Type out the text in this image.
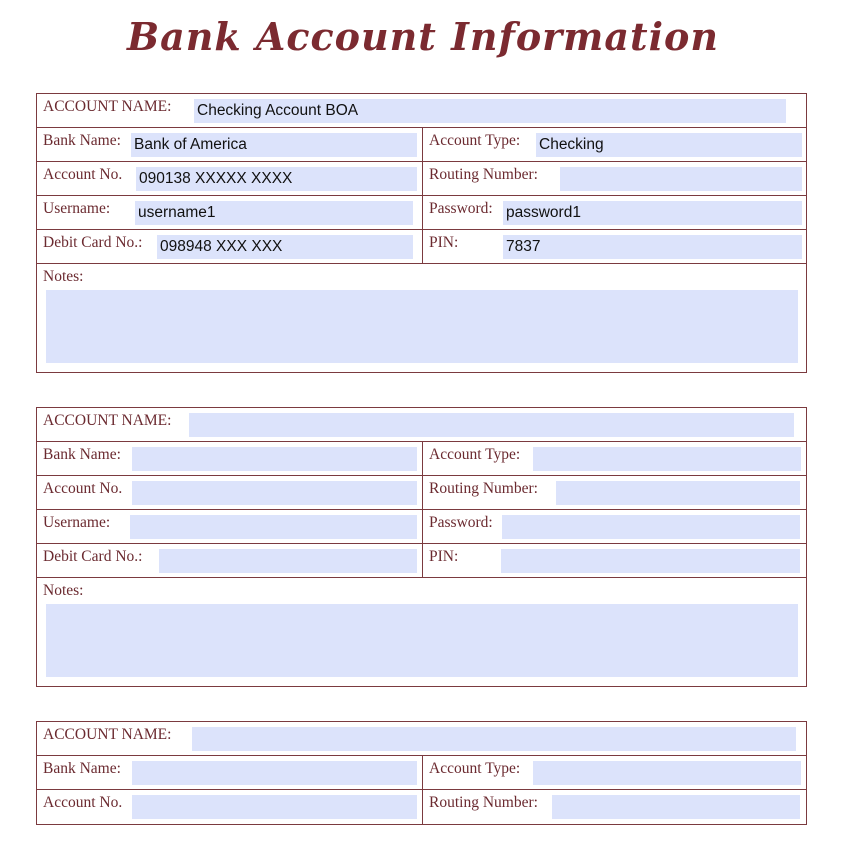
Bank Account Information
ACCOUNT NAME: Checking Account BOA
Bank Name: Bank of America	Account Type: Checking
Account No. 090138 XXXXX XXXX	Routing Number:
Username: username1	Password: password1
Debit Card No.: 098948 XXX XXX	PIN:	7837
Notes:
ACCOUNT NAME:
Bank Name:	Account Type:
Account No.	Routing Number:
Username:	Password:
Debit Card No.:	PIN:
Notes:
ACCOUNT NAME:
Bank Name:	Account Type:
Account No.	Routing Number:
